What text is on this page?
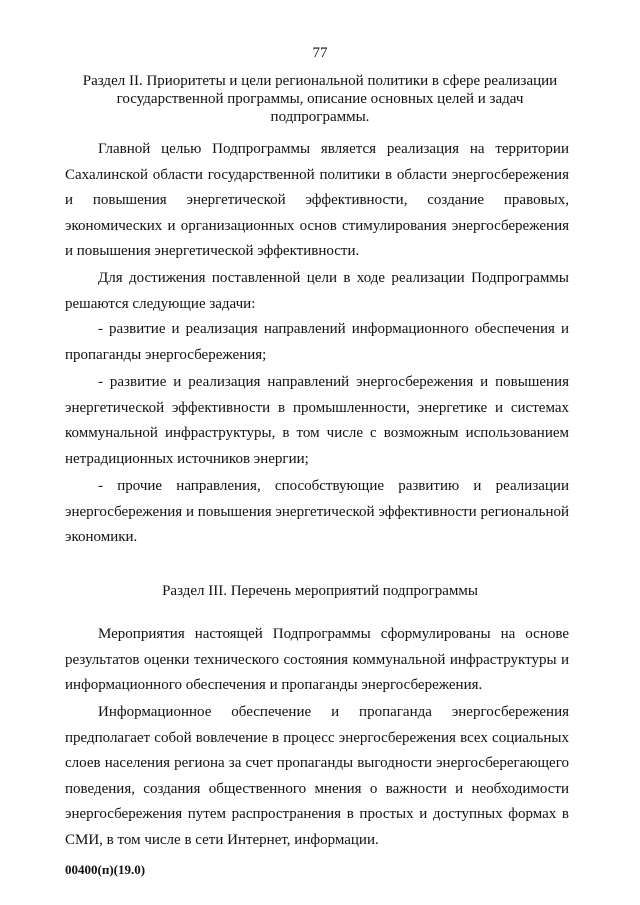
77
Раздел II. Приоритеты и цели региональной политики в сфере реализации государственной программы, описание основных целей и задач подпрограммы.

Главной целью Подпрограммы является реализация на территории Сахалинской области государственной политики в области энергосбережения и повышения энергетической эффективности, создание правовых, экономических и организационных основ стимулирования энергосбережения и повышения энергетической эффективности.

Для достижения поставленной цели в ходе реализации Подпрограммы решаются следующие задачи:

- развитие и реализация направлений информационного обеспечения и пропаганды энергосбережения;

- развитие и реализация направлений энергосбережения и повышения энергетической эффективности в промышленности, энергетике и системах коммунальной инфраструктуры, в том числе с возможным использованием нетрадиционных источников энергии;

- прочие направления, способствующие развитию и реализации энергосбережения и повышения энергетической эффективности региональной экономики.

Раздел III. Перечень мероприятий подпрограммы

Мероприятия настоящей Подпрограммы сформулированы на основе результатов оценки технического состояния коммунальной инфраструктуры и информационного обеспечения и пропаганды энергосбережения.

Информационное обеспечение и пропаганда энергосбережения предполагает собой вовлечение в процесс энергосбережения всех социальных слоев населения региона за счет пропаганды выгодности энергосберегающего поведения, создания общественного мнения о важности и необходимости энергосбережения путем распространения в простых и доступных формах в СМИ, в том числе в сети Интернет, информации.

00400(п)(19.0)
